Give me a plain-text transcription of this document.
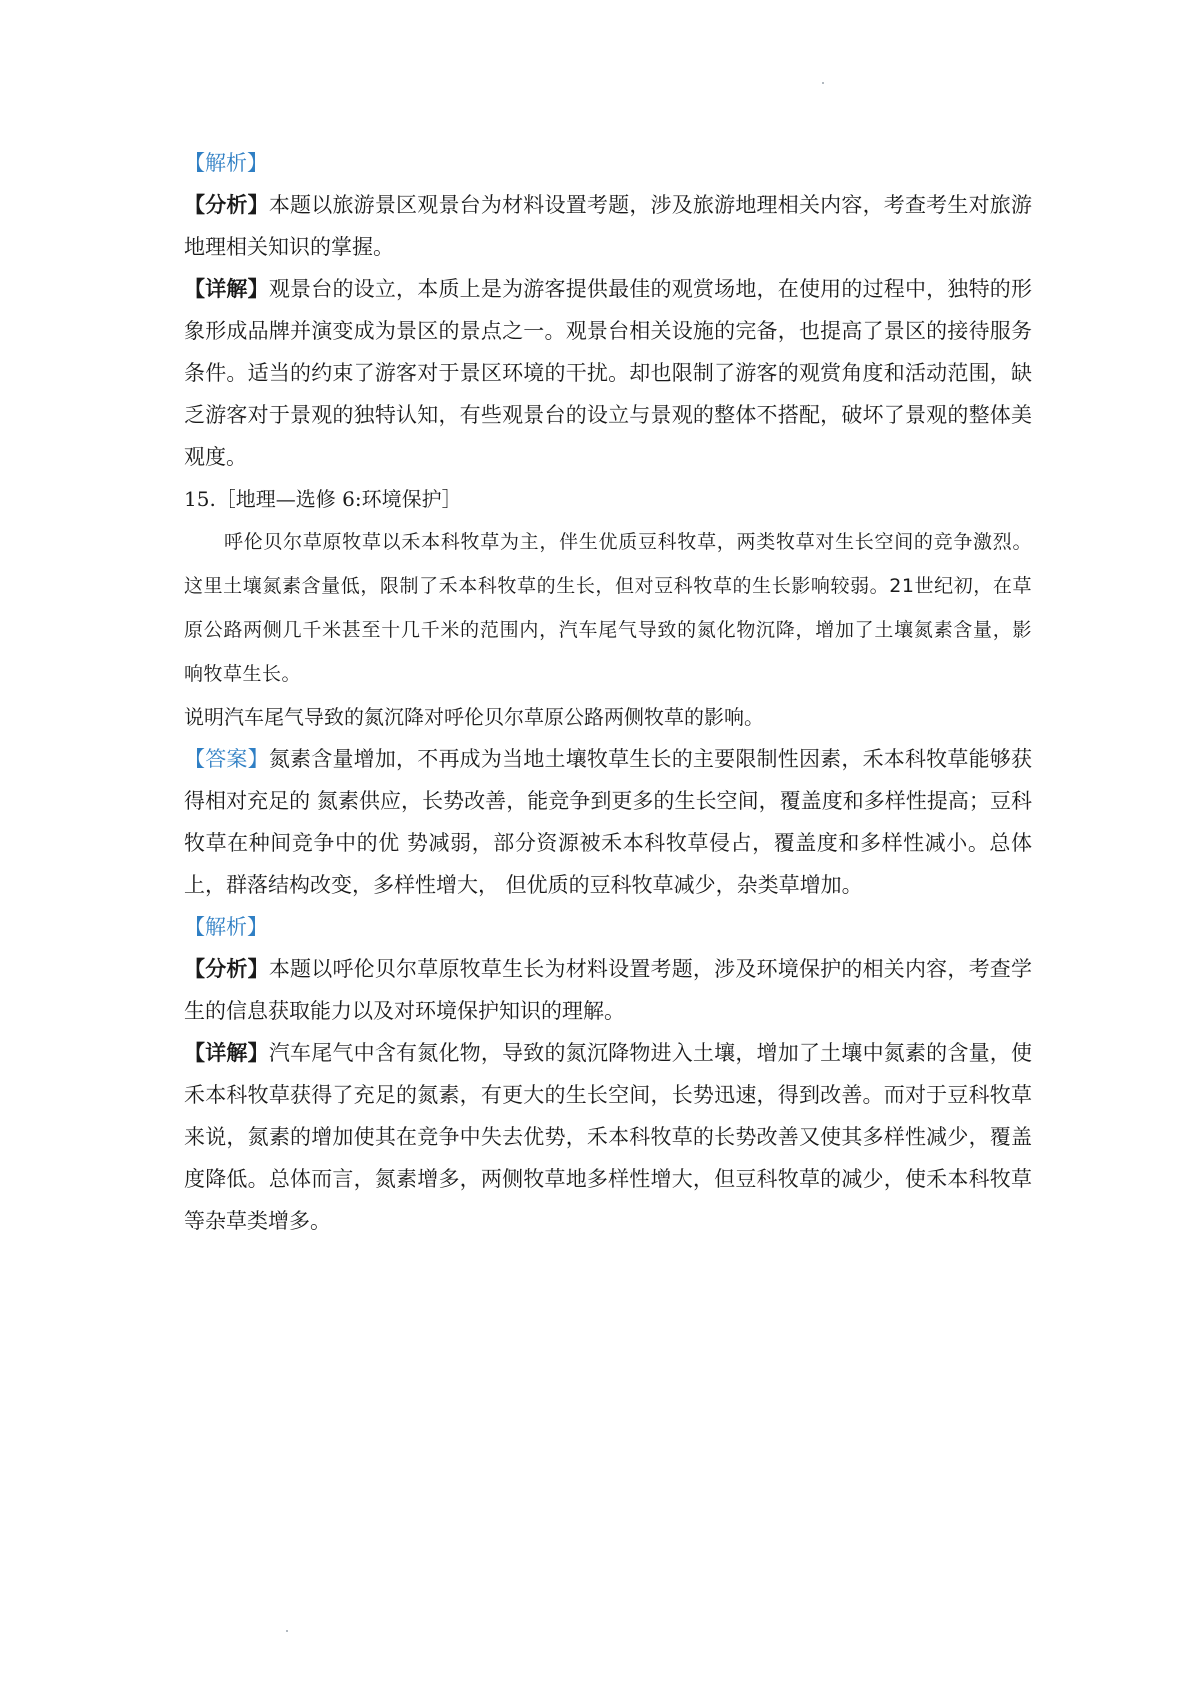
【解析】

【分析】本题以旅游景区观景台为材料设置考题，涉及旅游地理相关内容，考查考生对旅游地理相关知识的掌握。

【详解】观景台的设立，本质上是为游客提供最佳的观赏场地，在使用的过程中，独特的形象形成品牌并演变成为景区的景点之一。观景台相关设施的完备，也提高了景区的接待服务条件。适当的约束了游客对于景区环境的干扰。却也限制了游客的观赏角度和活动范围，缺乏游客对于景观的独特认知，有些观景台的设立与景观的整体不搭配，破坏了景观的整体美观度。

15.［地理—选修 6:环境保护］

呼伦贝尔草原牧草以禾本科牧草为主，伴生优质豆科牧草，两类牧草对生长空间的竞争激烈。这里土壤氮素含量低，限制了禾本科牧草的生长，但对豆科牧草的生长影响较弱。21世纪初，在草原公路两侧几千米甚至十几千米的范围内，汽车尾气导致的氮化物沉降，增加了土壤氮素含量，影响牧草生长。

说明汽车尾气导致的氮沉降对呼伦贝尔草原公路两侧牧草的影响。

【答案】氮素含量增加，不再成为当地土壤牧草生长的主要限制性因素，禾本科牧草能够获得相对充足的 氮素供应，长势改善，能竞争到更多的生长空间，覆盖度和多样性提高；豆科牧草在种间竞争中的优 势减弱，部分资源被禾本科牧草侵占，覆盖度和多样性减小。总体上，群落结构改变，多样性增大， 但优质的豆科牧草减少，杂类草增加。

【解析】

【分析】本题以呼伦贝尔草原牧草生长为材料设置考题，涉及环境保护的相关内容，考查学生的信息获取能力以及对环境保护知识的理解。

【详解】汽车尾气中含有氮化物，导致的氮沉降物进入土壤，增加了土壤中氮素的含量，使禾本科牧草获得了充足的氮素，有更大的生长空间，长势迅速，得到改善。而对于豆科牧草来说，氮素的增加使其在竞争中失去优势，禾本科牧草的长势改善又使其多样性减少，覆盖度降低。总体而言，氮素增多，两侧牧草地多样性增大，但豆科牧草的减少，使禾本科牧草等杂草类增多。
